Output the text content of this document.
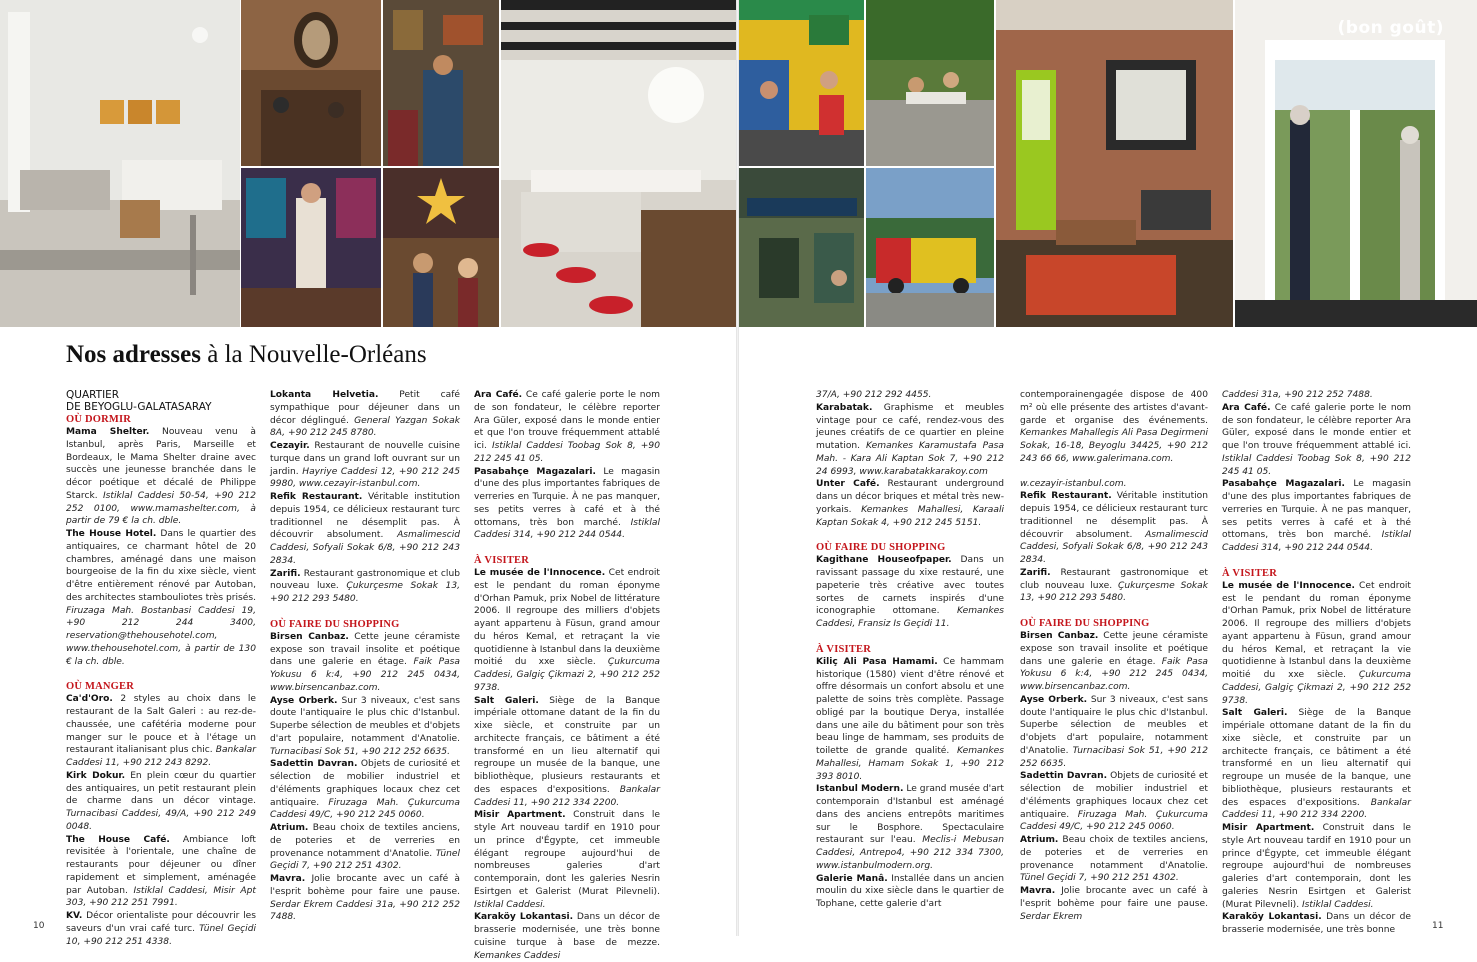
(bon goût)
Nos adresses à la Nouvelle-Orléans
QUARTIER
DE BEYOGLU-GALATASARAY
OÙ DORMIR

Mama Shelter. Nouveau venu à Istanbul, après Paris, Marseille et Bordeaux, le Mama Shelter draine avec succès une jeunesse branchée dans le décor poétique et décalé de Philippe Starck. Istiklal Caddesi 50-54, +90 212 252 0100, www.mamashelter.com, à partir de 79 € la ch. dble.

The House Hotel. Dans le quartier des antiquaires, ce charmant hôtel de 20 chambres, aménagé dans une maison bourgeoise de la fin du xixe siècle, vient d'être entièrement rénové par Autoban, des architectes stambouliotes très prisés. Firuzaga Mah. Bostanbasi Caddesi 19, +90 212 244 3400, reservation@thehousehotel.com, www.thehousehotel.com, à partir de 130 € la ch. dble.

OÙ MANGER

Ca'd'Oro. 2 styles au choix dans le restaurant de la Salt Galeri : au rez-de-chaussée, une cafétéria moderne pour manger sur le pouce et à l'étage un restaurant italianisant plus chic. Bankalar Caddesi 11, +90 212 243 8292.

Kirk Dokur. En plein cœur du quartier des antiquaires, un petit restaurant plein de charme dans un décor vintage. Turnacibasi Caddesi, 49/A, +90 212 249 0048.

The House Café. Ambiance loft revisitée à l'orientale, une chaîne de restaurants pour déjeuner ou dîner rapidement et simplement, aménagée par Autoban. Istiklal Caddesi, Misir Apt 303, +90 212 251 7991.

KV. Décor orientaliste pour découvrir les saveurs d'un vrai café turc. Tünel Geçidi 10, +90 212 251 4338.

Lokanta Helvetia. Petit café sympathique pour déjeuner dans un décor déglingué. General Yazgan Sokak 8A, +90 212 245 8780.

Cezayir. Restaurant de nouvelle cuisine turque dans un grand loft ouvrant sur un jardin. Hayriye Caddesi 12, +90 212 245 9980, www.cezayir-istanbul.com.

Refik Restaurant. Véritable institution depuis 1954, ce délicieux restaurant turc traditionnel ne désemplit pas. À découvrir absolument. Asmalimescid Caddesi, Sofyali Sokak 6/8, +90 212 243 2834.

Zarifi. Restaurant gastronomique et club nouveau luxe. Çukurçesme Sokak 13, +90 212 293 5480.

OÙ FAIRE DU SHOPPING

Birsen Canbaz. Cette jeune céramiste expose son travail insolite et poétique dans une galerie en étage. Faik Pasa Yokusu 6 k:4, +90 212 245 0434, www.birsencanbaz.com.

Ayse Orberk. Sur 3 niveaux, c'est sans doute l'antiquaire le plus chic d'Istanbul. Superbe sélection de meubles et d'objets d'art populaire, notamment d'Anatolie. Turnacibasi Sok 51, +90 212 252 6635.

Sadettin Davran. Objets de curiosité et sélection de mobilier industriel et d'éléments graphiques locaux chez cet antiquaire. Firuzaga Mah. Çukurcuma Caddesi 49/C, +90 212 245 0060.

Atrium. Beau choix de textiles anciens, de poteries et de verreries en provenance notamment d'Anatolie. Tünel Geçidi 7, +90 212 251 4302.

Mavra. Jolie brocante avec un café à l'esprit bohème pour faire une pause. Serdar Ekrem Caddesi 31a, +90 212 252 7488.

Ara Café. Ce café galerie porte le nom de son fondateur, le célèbre reporter Ara Güler, exposé dans le monde entier et que l'on trouve fréquemment attablé ici. Istiklal Caddesi Toobag Sok 8, +90 212 245 41 05.

Pasabahçe Magazalari. Le magasin d'une des plus importantes fabriques de verreries en Turquie. À ne pas manquer, ses petits verres à café et à thé ottomans, très bon marché. Istiklal Caddesi 314, +90 212 244 0544.

À VISITER

Le musée de l'Innocence. Cet endroit est le pendant du roman éponyme d'Orhan Pamuk, prix Nobel de littérature 2006. Il regroupe des milliers d'objets ayant appartenu à Füsun, grand amour du héros Kemal, et retraçant la vie quotidienne à Istanbul dans la deuxième moitié du xxe siècle. Çukurcuma Caddesi, Galgiç Çikmazi 2, +90 212 252 9738.

Salt Galeri. Siège de la Banque impériale ottomane datant de la fin du xixe siècle, et construite par un architecte français, ce bâtiment a été transformé en un lieu alternatif qui regroupe un musée de la banque, une bibliothèque, plusieurs restaurants et des espaces d'expositions. Bankalar Caddesi 11, +90 212 334 2200.

Misir Apartment. Construit dans le style Art nouveau tardif en 1910 pour un prince d'Égypte, cet immeuble élégant regroupe aujourd'hui de nombreuses galeries d'art contemporain, dont les galeries Nesrin Esirtgen et Galerist (Murat Pilevneli). Istiklal Caddesi.

Karaköy Lokantasi. Dans un décor de brasserie modernisée, une très bonne cuisine turque à base de mezze. Kemankes Caddesi

37/A, +90 212 292 4455.

Karabatak. Graphisme et meubles vintage pour ce café, rendez-vous des jeunes créatifs de ce quartier en pleine mutation. Kemankes Karamustafa Pasa Mah. - Kara Ali Kaptan Sok 7, +90 212 24 6993, www.karabatakkarakoy.com

Unter Café. Restaurant underground dans un décor briques et métal très new-yorkais. Kemankes Mahallesi, Karaali Kaptan Sokak 4, +90 212 245 5151.

OÙ FAIRE DU SHOPPING

Kagithane Houseofpaper. Dans un ravissant passage du xixe restauré, une papeterie très créative avec toutes sortes de carnets inspirés d'une iconographie ottomane. Kemankes Caddesi, Fransiz Is Geçidi 11.

À VISITER

Kiliç Ali Pasa Hamami. Ce hammam historique (1580) vient d'être rénové et offre désormais un confort absolu et une palette de soins très complète. Passage obligé par la boutique Derya, installée dans une aile du bâtiment pour son très beau linge de hammam, ses produits de toilette de grande qualité. Kemankes Mahallesi, Hamam Sokak 1, +90 212 393 8010.

Istanbul Modern. Le grand musée d'art contemporain d'Istanbul est aménagé dans des anciens entrepôts maritimes sur le Bosphore. Spectaculaire restaurant sur l'eau. Meclis-i Mebusan Caddesi, Antrepo4, +90 212 334 7300, www.istanbulmodern.org.

Galerie Manâ. Installée dans un ancien moulin du xixe siècle dans le quartier de Tophane, cette galerie d'art

contemporainengagée dispose de 400 m² où elle présente des artistes d'avant-garde et organise des événements. Kemankes Mahallegis Ali Pasa Degirmeni Sokak, 16-18, Beyoglu 34425, +90 212 243 66 66, www.galerimana.com.

w.cezayir-istanbul.com.

Refik Restaurant. Véritable institution depuis 1954, ce délicieux restaurant turc traditionnel ne désemplit pas. À découvrir absolument. Asmalimescid Caddesi, Sofyali Sokak 6/8, +90 212 243 2834.

Zarifi. Restaurant gastronomique et club nouveau luxe. Çukurçesme Sokak 13, +90 212 293 5480.

OÙ FAIRE DU SHOPPING

Birsen Canbaz. Cette jeune céramiste expose son travail insolite et poétique dans une galerie en étage. Faik Pasa Yokusu 6 k:4, +90 212 245 0434, www.birsencanbaz.com.

Ayse Orberk. Sur 3 niveaux, c'est sans doute l'antiquaire le plus chic d'Istanbul. Superbe sélection de meubles et d'objets d'art populaire, notamment d'Anatolie. Turnacibasi Sok 51, +90 212 252 6635.

Sadettin Davran. Objets de curiosité et sélection de mobilier industriel et d'éléments graphiques locaux chez cet antiquaire. Firuzaga Mah. Çukurcuma Caddesi 49/C, +90 212 245 0060.

Atrium. Beau choix de textiles anciens, de poteries et de verreries en provenance notamment d'Anatolie. Tünel Geçidi 7, +90 212 251 4302.

Mavra. Jolie brocante avec un café à l'esprit bohème pour faire une pause. Serdar Ekrem

Caddesi 31a, +90 212 252 7488.

Ara Café. Ce café galerie porte le nom de son fondateur, le célèbre reporter Ara Güler, exposé dans le monde entier et que l'on trouve fréquemment attablé ici. Istiklal Caddesi Toobag Sok 8, +90 212 245 41 05.

Pasabahçe Magazalari. Le magasin d'une des plus importantes fabriques de verreries en Turquie. À ne pas manquer, ses petits verres à café et à thé ottomans, très bon marché. Istiklal Caddesi 314, +90 212 244 0544.

À VISITER

Le musée de l'Innocence. Cet endroit est le pendant du roman éponyme d'Orhan Pamuk, prix Nobel de littérature 2006. Il regroupe des milliers d'objets ayant appartenu à Füsun, grand amour du héros Kemal, et retraçant la vie quotidienne à Istanbul dans la deuxième moitié du xxe siècle. Çukurcuma Caddesi, Galgiç Çikmazi 2, +90 212 252 9738.

Salt Galeri. Siège de la Banque impériale ottomane datant de la fin du xixe siècle, et construite par un architecte français, ce bâtiment a été transformé en un lieu alternatif qui regroupe un musée de la banque, une bibliothèque, plusieurs restaurants et des espaces d'expositions. Bankalar Caddesi 11, +90 212 334 2200.

Misir Apartment. Construit dans le style Art nouveau tardif en 1910 pour un prince d'Égypte, cet immeuble élégant regroupe aujourd'hui de nombreuses galeries d'art contemporain, dont les galeries Nesrin Esirtgen et Galerist (Murat Pilevneli). Istiklal Caddesi.

Karaköy Lokantasi. Dans un décor de brasserie modernisée, une très bonne

10	11
